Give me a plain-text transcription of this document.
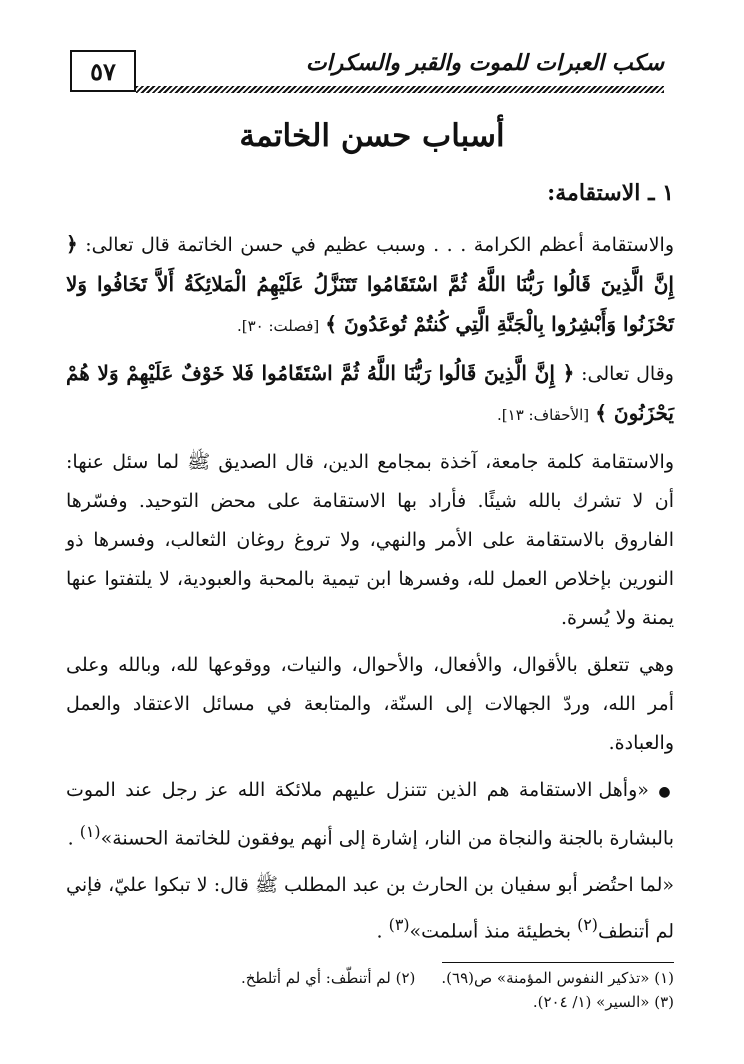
٥٧	سكب العبرات للموت والقبر والسكرات
أسباب حسن الخاتمة

١ ـ الاستقامة:

والاستقامة أعظم الكرامة . . . وسبب عظيم في حسن الخاتمة قال تعالى: ﴿ إِنَّ الَّذِينَ قَالُوا رَبُّنَا اللَّهُ ثُمَّ اسْتَقَامُوا تَتَنَزَّلُ عَلَيْهِمُ الْمَلائِكَةُ أَلاَّ تَخَافُوا وَلا تَحْزَنُوا وَأَبْشِرُوا بِالْجَنَّةِ الَّتِي كُنتُمْ تُوعَدُونَ ﴾ [فصلت: ٣٠].

وقال تعالى: ﴿ إِنَّ الَّذِينَ قَالُوا رَبُّنَا اللَّهُ ثُمَّ اسْتَقَامُوا فَلا خَوْفٌ عَلَيْهِمْ وَلا هُمْ يَحْزَنُونَ ﴾ [الأحقاف: ١٣].

والاستقامة كلمة جامعة، آخذة بمجامع الدين، قال الصديق ﷺ لما سئل عنها: أن لا تشرك بالله شيئًا. فأراد بها الاستقامة على محض التوحيد. وفسّرها الفاروق بالاستقامة على الأمر والنهي، ولا تروغ روغان الثعالب، وفسرها ذو النورين بإخلاص العمل لله، وفسرها ابن تيمية بالمحبة والعبودية، لا يلتفتوا عنها يمنة ولا يُسرة.

وهي تتعلق بالأقوال، والأفعال، والأحوال، والنيات، ووقوعها لله، وبالله وعلى أمر الله، وردّ الجهالات إلى السنّة، والمتابعة في مسائل الاعتقاد والعمل والعبادة.

● «وأهل الاستقامة هم الذين تتنزل عليهم ملائكة الله عز رجل عند الموت بالبشارة بالجنة والنجاة من النار، إشارة إلى أنهم يوفقون للخاتمة الحسنة»$^{(١)}$ .

«لما احتُضر أبو سفيان بن الحارث بن عبد المطلب ﷺ قال: لا تبكوا عليّ، فإني لم أتنطف$^{(٢)}$ بخطيئة منذ أسلمت»$^{(٣)}$ .

(١) «تذكير النفوس المؤمنة» ص(٦٩).(٢) لم أتنطّف: أي لم أتلطخ.

(٣) «السير» (١/ ٢٠٤).
